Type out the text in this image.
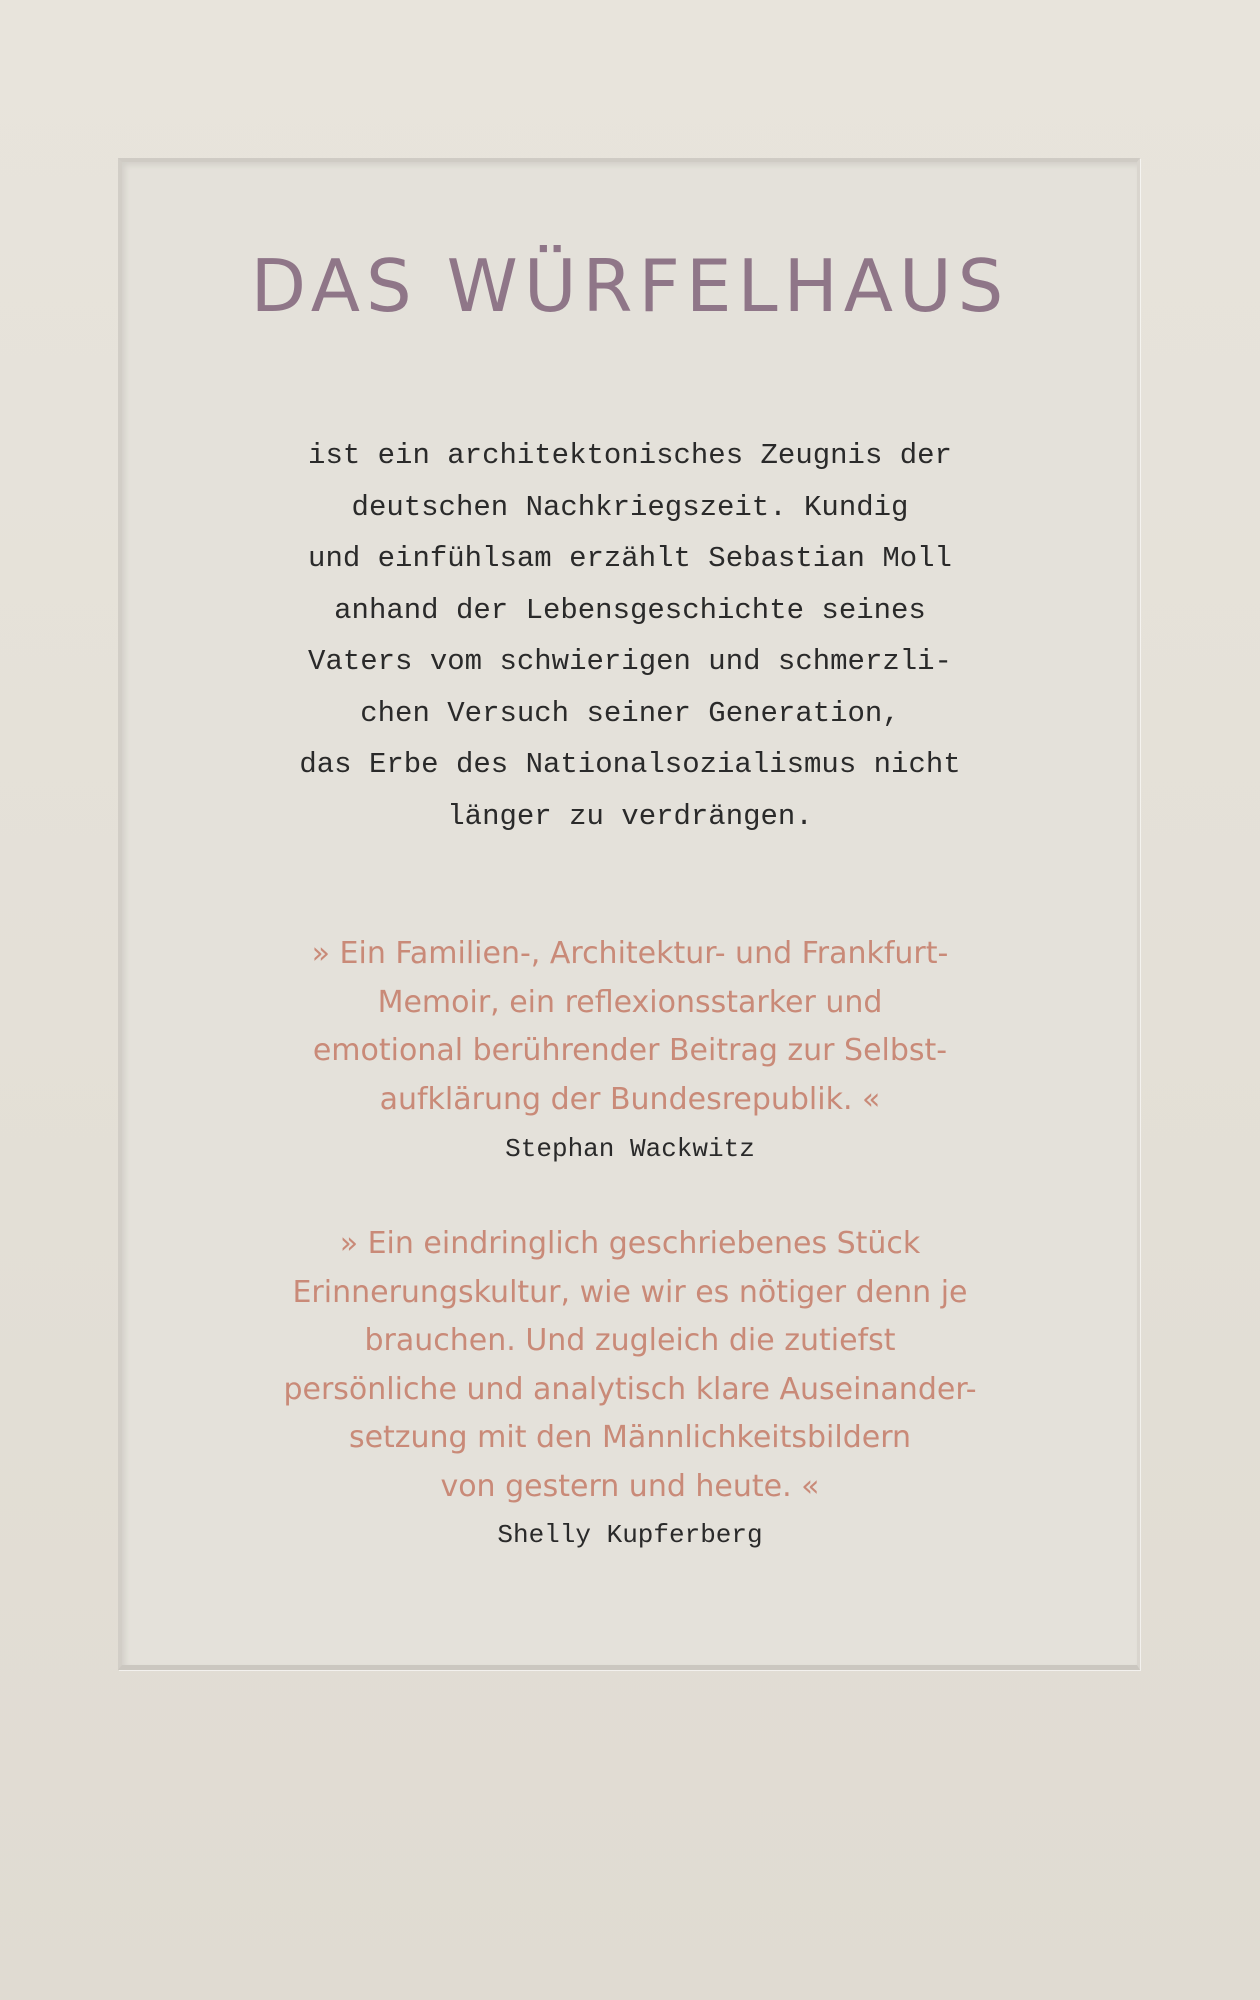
DAS WÜRFELHAUS
ist ein architektonisches Zeugnis der
deutschen Nachkriegszeit. Kundig
und einfühlsam erzählt Sebastian Moll
anhand der Lebensgeschichte seines
Vaters vom schwierigen und schmerzli-
chen Versuch seiner Generation,
das Erbe des Nationalsozialismus nicht
länger zu verdrängen.
» Ein Familien-, Architektur- und Frankfurt-
Memoir, ein reflexionsstarker und
emotional berührender Beitrag zur Selbst-
aufklärung der Bundesrepublik. «
Stephan Wackwitz
» Ein eindringlich geschriebenes Stück
Erinnerungskultur, wie wir es nötiger denn je
brauchen. Und zugleich die zutiefst
persönliche und analytisch klare Auseinander-
setzung mit den Männlichkeitsbildern
von gestern und heute. «
Shelly Kupferberg
